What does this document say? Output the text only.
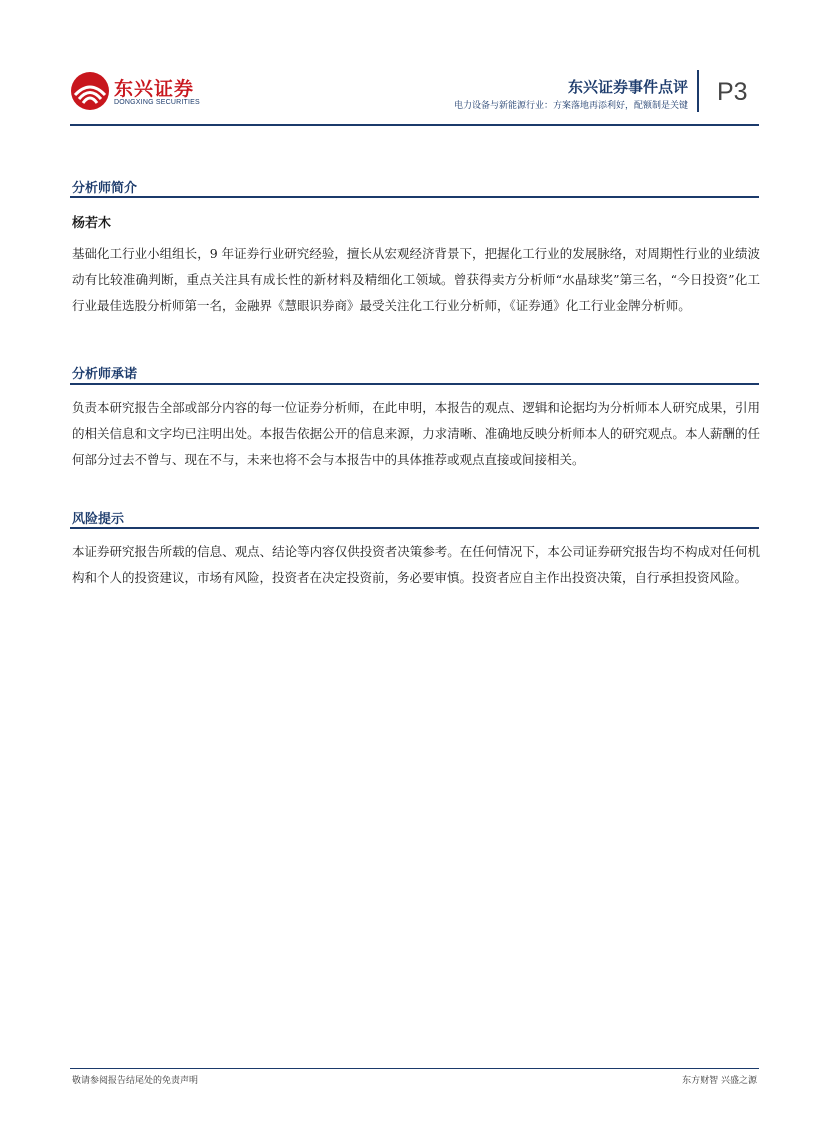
东兴证券
DONGXING SECURITIES
东兴证券事件点评
电力设备与新能源行业：方案落地再添利好，配额制是关键 P3
分析师简介
杨若木

基础化工行业小组组长，9 年证券行业研究经验，擅长从宏观经济背景下，把握化工行业的发展脉络，对周期性行业的业绩波动有比较准确判断，重点关注具有成长性的新材料及精细化工领域。曾获得卖方分析师“水晶球奖”第三名，“今日投资”化工行业最佳选股分析师第一名，金融界《慧眼识券商》最受关注化工行业分析师，《证券通》化工行业金牌分析师。

分析师承诺

负责本研究报告全部或部分内容的每一位证券分析师，在此申明，本报告的观点、逻辑和论据均为分析师本人研究成果，引用的相关信息和文字均已注明出处。本报告依据公开的信息来源，力求清晰、准确地反映分析师本人的研究观点。本人薪酬的任何部分过去不曾与、现在不与，未来也将不会与本报告中的具体推荐或观点直接或间接相关。

风险提示

本证券研究报告所载的信息、观点、结论等内容仅供投资者决策参考。在任何情况下，本公司证券研究报告均不构成对任何机构和个人的投资建议，市场有风险，投资者在决定投资前，务必要审慎。投资者应自主作出投资决策，自行承担投资风险。

敬请参阅报告结尾处的免责声明	东方财智 兴盛之源
